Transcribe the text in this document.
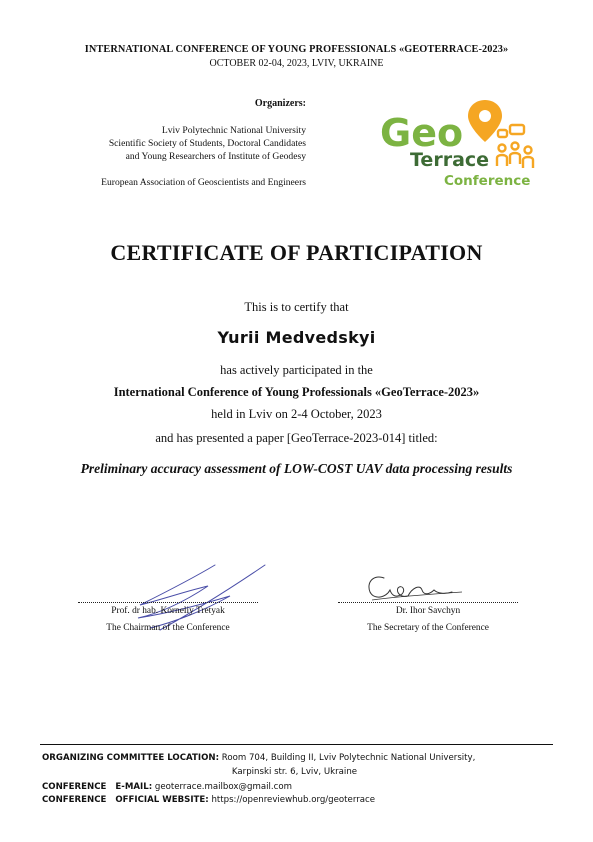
INTERNATIONAL CONFERENCE OF YOUNG PROFESSIONALS «GEOTERRACE-2023»
OCTOBER 02-04, 2023, LVIV, UKRAINE
Organizers:
Lviv Polytechnic National University
Scientific Society of Students, Doctoral Candidates
and Young Researchers of Institute of Geodesy
European Association of Geoscientists and Engineers
Geo
Terrace
Conference
CERTIFICATE OF PARTICIPATION
This is to certify that
Yurii Medvedskyi
has actively participated in the
International Conference of Young Professionals «GeoTerrace-2023»
held in Lviv on 2-4 October, 2023
and has presented a paper [GeoTerrace-2023-014] titled:
Preliminary accuracy assessment of LOW-COST UAV data processing results
Prof. dr hab. Korneliy Tretyak
The Chairman of the Conference
Dr. Ihor Savchyn
The Secretary of the Conference
ORGANIZING COMMITTEE LOCATION: Room 704, Building II, Lviv Polytechnic National University,
Karpinski str. 6, Lviv, Ukraine
CONFERENCE   E-MAIL: geoterrace.mailbox@gmail.com
CONFERENCE   OFFICIAL WEBSITE: https://openreviewhub.org/geoterrace
